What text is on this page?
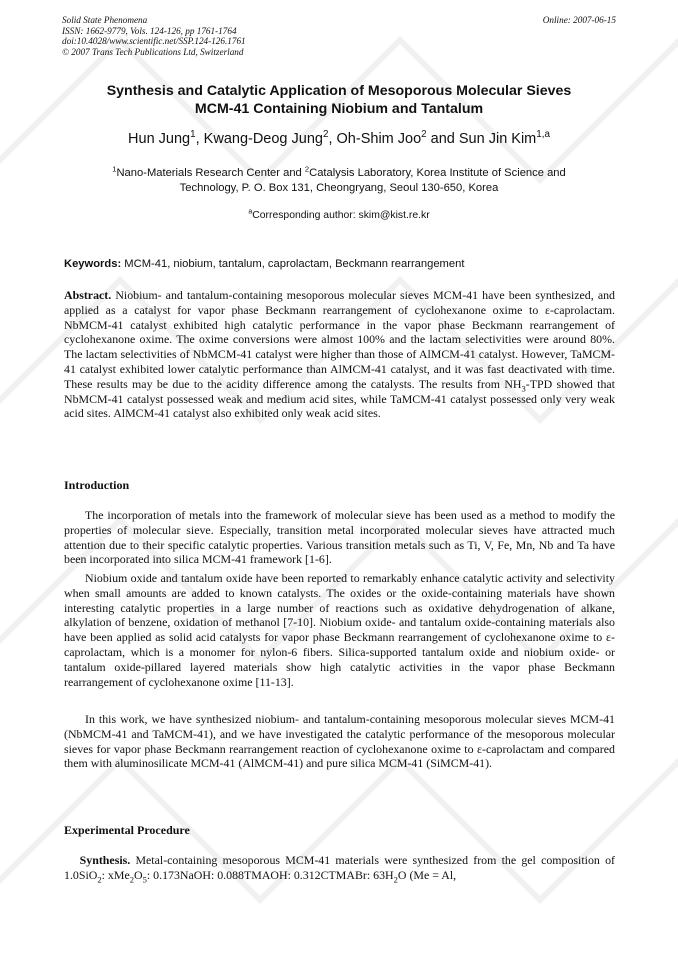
Solid State Phenomena
ISSN: 1662-9779, Vols. 124-126, pp 1761-1764
doi:10.4028/www.scientific.net/SSP.124-126.1761
© 2007 Trans Tech Publications Ltd, Switzerland
Online: 2007-06-15
Synthesis and Catalytic Application of Mesoporous Molecular Sieves
MCM-41 Containing Niobium and Tantalum
Hun Jung$^1$, Kwang-Deog Jung$^2$, Oh-Shim Joo$^2$ and Sun Jin Kim$^{1,a}$
$^1$Nano-Materials Research Center and $^2$Catalysis Laboratory, Korea Institute of Science and
Technology, P. O. Box 131, Cheongryang, Seoul 130-650, Korea
$^a$Corresponding author: skim@kist.re.kr
Keywords: MCM-41, niobium, tantalum, caprolactam, Beckmann rearrangement
Abstract. Niobium- and tantalum-containing mesoporous molecular sieves MCM-41 have been synthesized, and applied as a catalyst for vapor phase Beckmann rearrangement of cyclohexanone oxime to ε-caprolactam. NbMCM-41 catalyst exhibited high catalytic performance in the vapor phase Beckmann rearrangement of cyclohexanone oxime. The oxime conversions were almost 100% and the lactam selectivities were around 80%. The lactam selectivities of NbMCM-41 catalyst were higher than those of AlMCM-41 catalyst. However, TaMCM-41 catalyst exhibited lower catalytic performance than AlMCM-41 catalyst, and it was fast deactivated with time. These results may be due to the acidity difference among the catalysts. The results from $NH_3$-TPD showed that NbMCM-41 catalyst possessed weak and medium acid sites, while TaMCM-41 catalyst possessed only very weak acid sites. AlMCM-41 catalyst also exhibited only weak acid sites.
Introduction
The incorporation of metals into the framework of molecular sieve has been used as a method to modify the properties of molecular sieve. Especially, transition metal incorporated molecular sieves have attracted much attention due to their specific catalytic properties. Various transition metals such as Ti, V, Fe, Mn, Nb and Ta have been incorporated into silica MCM-41 framework [1-6].
Niobium oxide and tantalum oxide have been reported to remarkably enhance catalytic activity and selectivity when small amounts are added to known catalysts. The oxides or the oxide-containing materials have shown interesting catalytic properties in a large number of reactions such as oxidative dehydrogenation of alkane, alkylation of benzene, oxidation of methanol [7-10]. Niobium oxide- and tantalum oxide-containing materials also have been applied as solid acid catalysts for vapor phase Beckmann rearrangement of cyclohexanone oxime to ε-caprolactam, which is a monomer for nylon-6 fibers. Silica-supported tantalum oxide and niobium oxide- or tantalum oxide-pillared layered materials show high catalytic activities in the vapor phase Beckmann rearrangement of cyclohexanone oxime [11-13].
In this work, we have synthesized niobium- and tantalum-containing mesoporous molecular sieves MCM-41 (NbMCM-41 and TaMCM-41), and we have investigated the catalytic performance of the mesoporous molecular sieves for vapor phase Beckmann rearrangement reaction of cyclohexanone oxime to ε-caprolactam and compared them with aluminosilicate MCM-41 (AlMCM-41) and pure silica MCM-41 (SiMCM-41).
Experimental Procedure
Synthesis. Metal-containing mesoporous MCM-41 materials were synthesized from the gel composition of 1.0SiO$_2$: $xMe_2O_5$: 0.173NaOH: 0.088TMAOH: 0.312CTMABr: $63H_2O$ (Me = Al,
